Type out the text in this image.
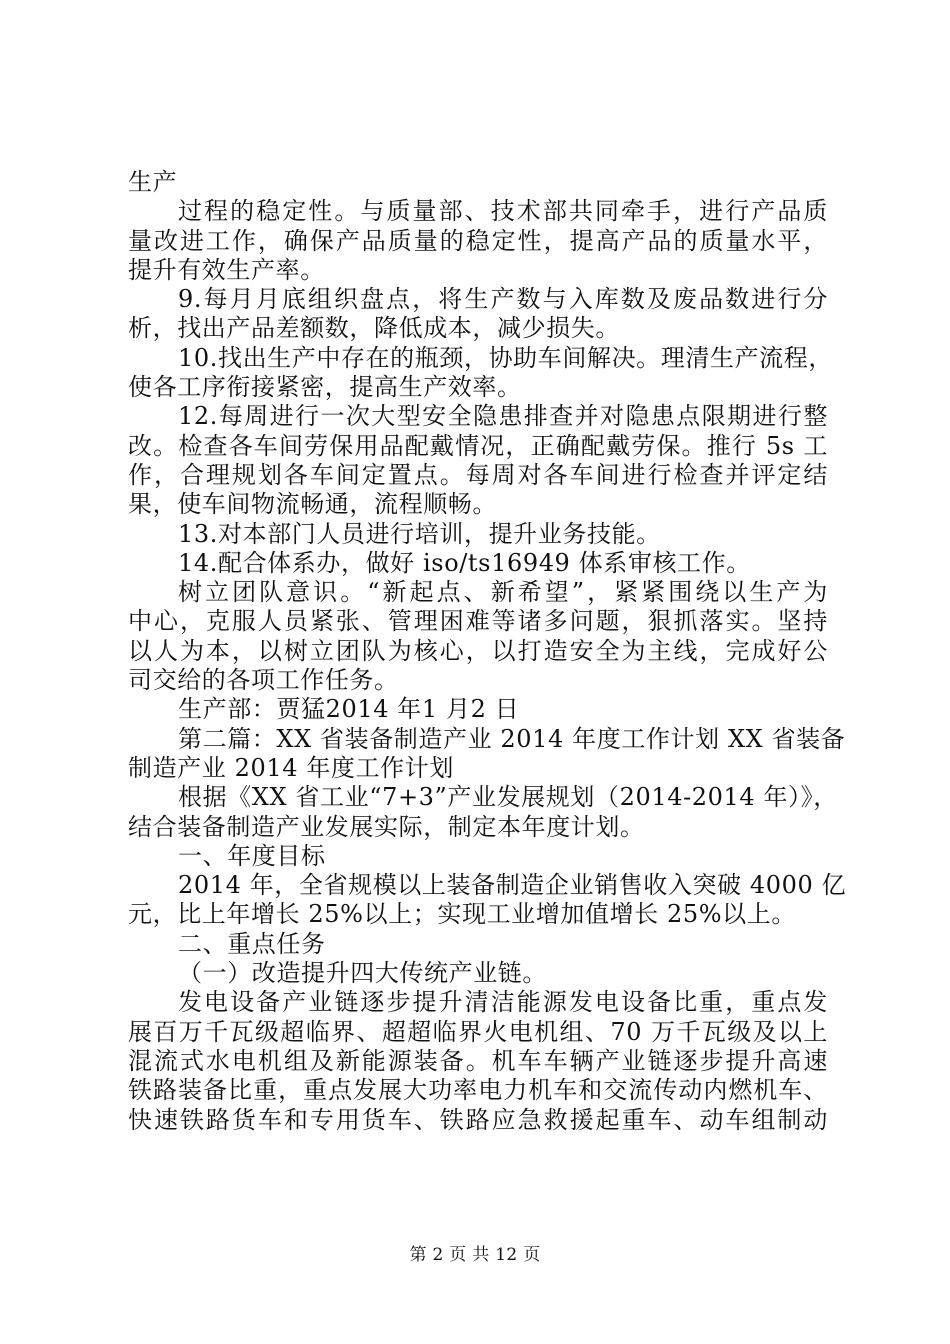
生产
过程的稳定性。与质量部、技术部共同牵手，进行产品质
量改进工作，确保产品质量的稳定性，提高产品的质量水平，
提升有效生产率。
9.每月月底组织盘点，将生产数与入库数及废品数进行分
析，找出产品差额数，降低成本，减少损失。
10.找出生产中存在的瓶颈，协助车间解决。理清生产流程，
使各工序衔接紧密，提高生产效率。
12.每周进行一次大型安全隐患排查并对隐患点限期进行整
改。检查各车间劳保用品配戴情况，正确配戴劳保。推行 5s 工
作，合理规划各车间定置点。每周对各车间进行检查并评定结
果，使车间物流畅通，流程顺畅。
13.对本部门人员进行培训，提升业务技能。
14.配合体系办，做好 iso/ts16949 体系审核工作。
树立团队意识。“新起点、新希望”，紧紧围绕以生产为
中心，克服人员紧张、管理困难等诸多问题，狠抓落实。坚持
以人为本，以树立团队为核心，以打造安全为主线，完成好公
司交给的各项工作任务。
生产部：贾猛2014 年1 月2 日
第二篇：XX 省装备制造产业 2014 年度工作计划 XX 省装备
制造产业 2014 年度工作计划
根据《XX 省工业“7+3”产业发展规划（2014-2014 年）》，
结合装备制造产业发展实际，制定本年度计划。
一、年度目标
2014 年，全省规模以上装备制造企业销售收入突破 4000 亿
元，比上年增长 25%以上；实现工业增加值增长 25%以上。
二、重点任务
（一）改造提升四大传统产业链。
发电设备产业链逐步提升清洁能源发电设备比重，重点发
展百万千瓦级超临界、超超临界火电机组、70 万千瓦级及以上
混流式水电机组及新能源装备。机车车辆产业链逐步提升高速
铁路装备比重，重点发展大功率电力机车和交流传动内燃机车、
快速铁路货车和专用货车、铁路应急救援起重车、动车组制动
第 2 页 共 12 页
